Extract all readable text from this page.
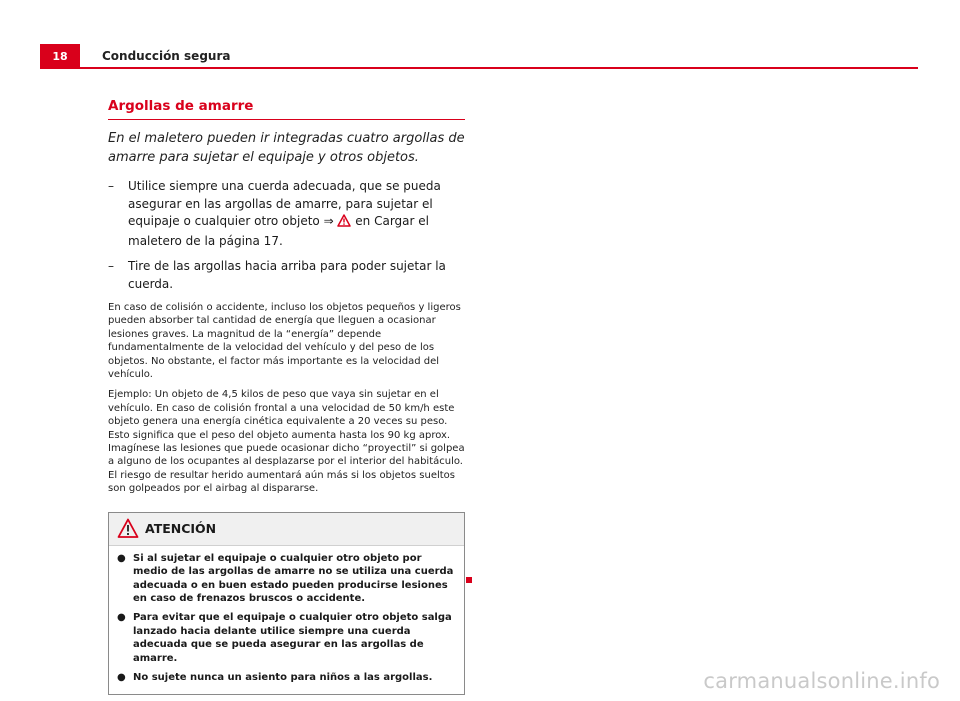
18	Conducción segura
Argollas de amarre

En el maletero pueden ir integradas cuatro argollas de amarre para sujetar el equipaje y otros objetos.

– Utilice siempre una cuerda adecuada, que se pueda asegurar en las argollas de amarre, para sujetar el equipaje o cualquier otro objeto ⇒  en Cargar el maletero de la página 17.
– Tire de las argollas hacia arriba para poder sujetar la cuerda.

En caso de colisión o accidente, incluso los objetos pequeños y ligeros pueden absorber tal cantidad de energía que lleguen a ocasionar lesiones graves. La magnitud de la “energía” depende fundamentalmente de la velocidad del vehículo y del peso de los objetos. No obstante, el factor más importante es la velocidad del vehículo.

Ejemplo: Un objeto de 4,5 kilos de peso que vaya sin sujetar en el vehículo. En caso de colisión frontal a una velocidad de 50 km/h este objeto genera una energía cinética equivalente a 20 veces su peso. Esto significa que el peso del objeto aumenta hasta los 90 kg aprox. Imagínese las lesiones que puede ocasionar dicho “proyectil” si golpea a alguno de los ocupantes al desplazarse por el interior del habitáculo. El riesgo de resultar herido aumentará aún más si los objetos sueltos son golpeados por el airbag al dispararse.

ATENCIÓN
● Si al sujetar el equipaje o cualquier otro objeto por medio de las argollas de amarre no se utiliza una cuerda adecuada o en buen estado pueden producirse lesiones en caso de frenazos bruscos o accidente.
● Para evitar que el equipaje o cualquier otro objeto salga lanzado hacia delante utilice siempre una cuerda adecuada que se pueda asegurar en las argollas de amarre.
● No sujete nunca un asiento para niños a las argollas.	carmanualsonline.info
